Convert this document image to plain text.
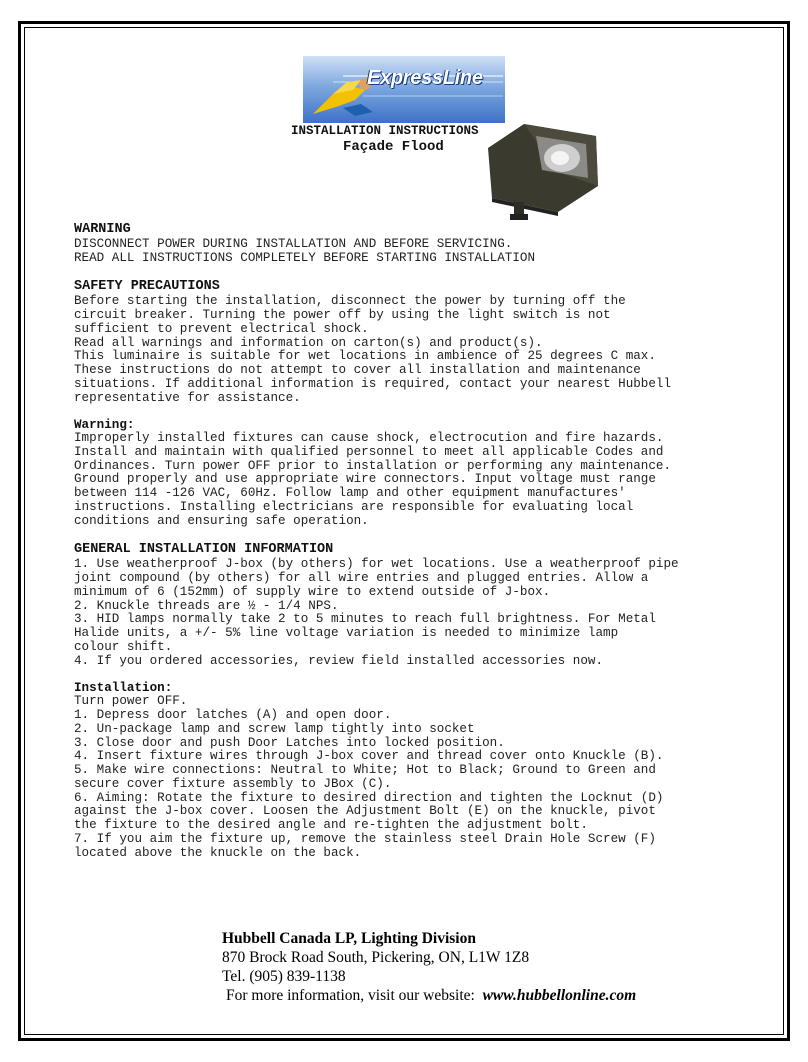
ExpressLine
INSTALLATION INSTRUCTIONS
Façade Flood
WARNING
DISCONNECT POWER DURING INSTALLATION AND BEFORE SERVICING.
READ ALL INSTRUCTIONS COMPLETELY BEFORE STARTING INSTALLATION
SAFETY PRECAUTIONS
Before starting the installation, disconnect the power by turning off the
circuit breaker. Turning the power off by using the light switch is not
sufficient to prevent electrical shock.
Read all warnings and information on carton(s) and product(s).
This luminaire is suitable for wet locations in ambience of 25 degrees C max.
These instructions do not attempt to cover all installation and maintenance
situations. If additional information is required, contact your nearest Hubbell
representative for assistance.
Warning:
Improperly installed fixtures can cause shock, electrocution and fire hazards.
Install and maintain with qualified personnel to meet all applicable Codes and
Ordinances. Turn power OFF prior to installation or performing any maintenance.
Ground properly and use appropriate wire connectors. Input voltage must range
between 114 -126 VAC, 60Hz. Follow lamp and other equipment manufactures'
instructions. Installing electricians are responsible for evaluating local
conditions and ensuring safe operation.
GENERAL INSTALLATION INFORMATION
1. Use weatherproof J-box (by others) for wet locations. Use a weatherproof pipe
joint compound (by others) for all wire entries and plugged entries. Allow a
minimum of 6 (152mm) of supply wire to extend outside of J-box.
2. Knuckle threads are ½ - 1/4 NPS.
3. HID lamps normally take 2 to 5 minutes to reach full brightness. For Metal
Halide units, a +/- 5% line voltage variation is needed to minimize lamp
colour shift.
4. If you ordered accessories, review field installed accessories now.
Installation:
Turn power OFF.
1. Depress door latches (A) and open door.
2. Un-package lamp and screw lamp tightly into socket
3. Close door and push Door Latches into locked position.
4. Insert fixture wires through J-box cover and thread cover onto Knuckle (B).
5. Make wire connections: Neutral to White; Hot to Black; Ground to Green and
secure cover fixture assembly to JBox (C).
6. Aiming: Rotate the fixture to desired direction and tighten the Locknut (D)
against the J-box cover. Loosen the Adjustment Bolt (E) on the knuckle, pivot
the fixture to the desired angle and re-tighten the adjustment bolt.
7. If you aim the fixture up, remove the stainless steel Drain Hole Screw (F)
located above the knuckle on the back.
Hubbell Canada LP, Lighting Division
870 Brock Road South, Pickering, ON, L1W 1Z8
Tel. (905) 839-1138
For more information, visit our website: www.hubbellonline.com
